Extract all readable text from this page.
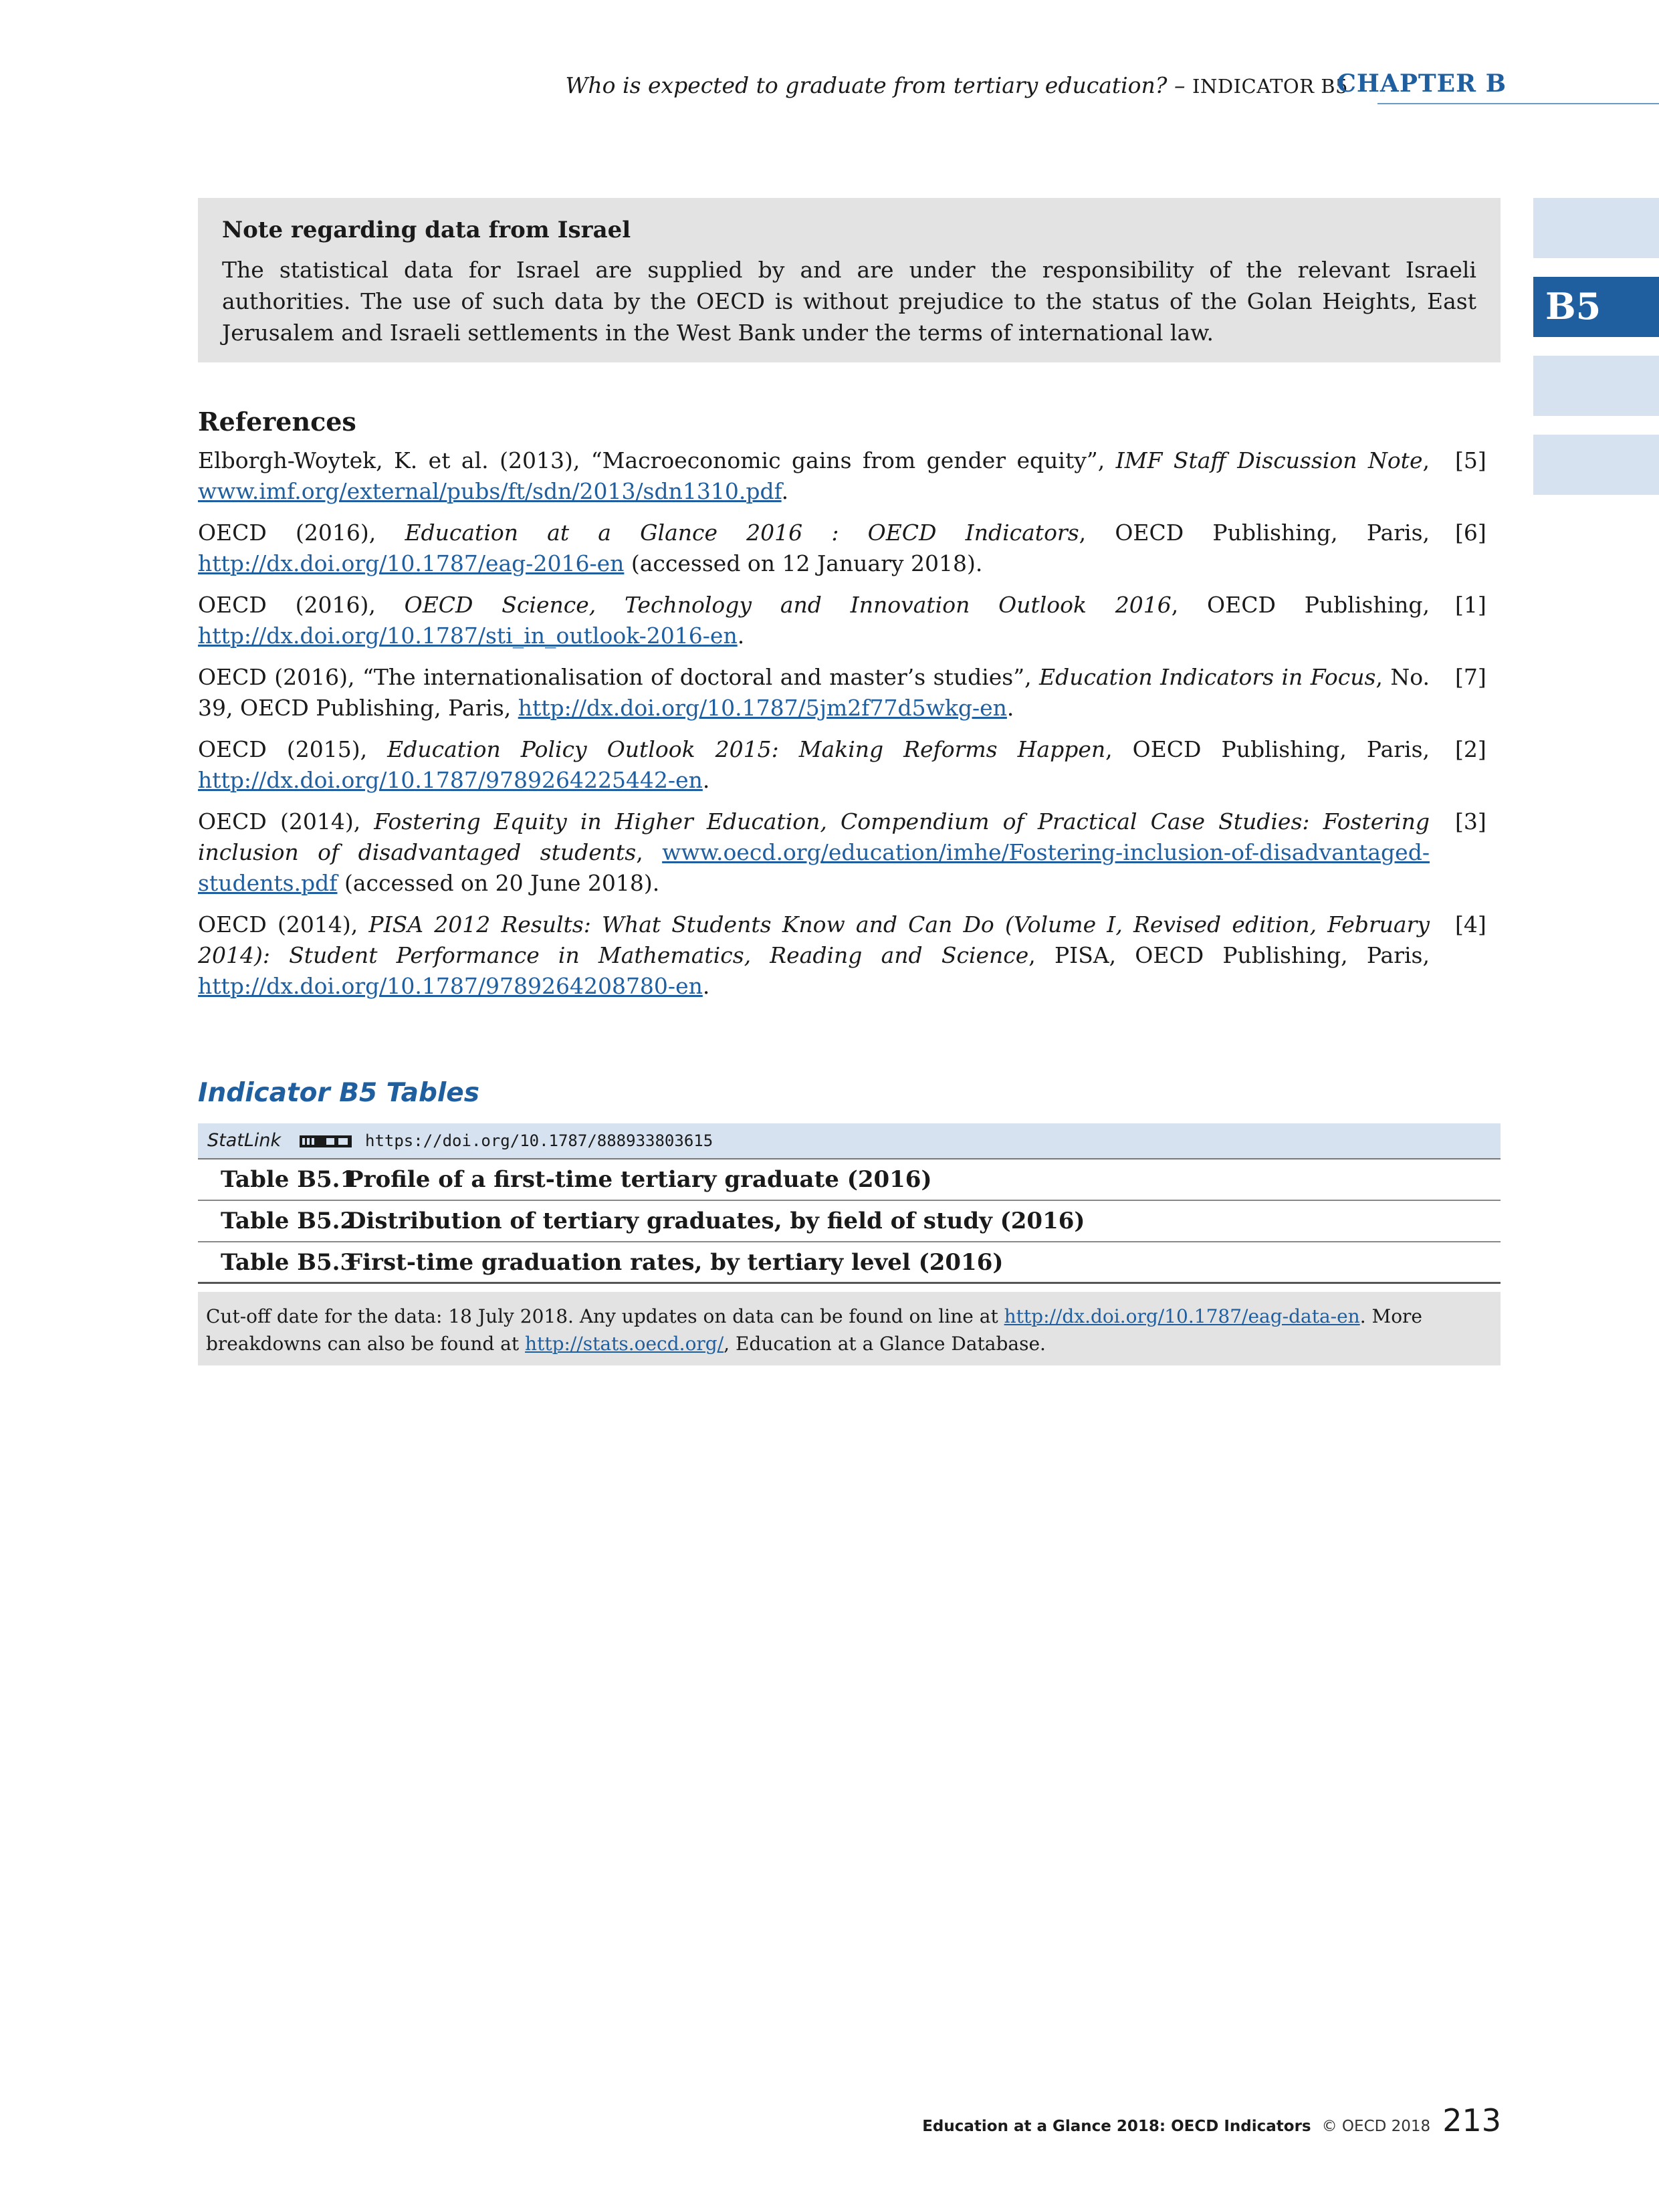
Who is expected to graduate from tertiary education? – INDICATOR B5
CHAPTER B
B5
Note regarding data from Israel

The statistical data for Israel are supplied by and are under the responsibility of the relevant Israeli authorities. The use of such data by the OECD is without prejudice to the status of the Golan Heights, East Jerusalem and Israeli settlements in the West Bank under the terms of international law.

References
Elborgh-Woytek, K. et al. (2013), “Macroeconomic gains from gender equity”, IMF Staff Discussion Note, www.imf.org/external/pubs/ft/sdn/2013/sdn1310.pdf.
[5]
OECD (2016), Education at a Glance 2016 : OECD Indicators, OECD Publishing, Paris, http://dx.doi.org/10.1787/eag-2016-en (accessed on 12 January 2018).
[6]
OECD (2016), OECD Science, Technology and Innovation Outlook 2016, OECD Publishing, http://dx.doi.org/10.1787/sti_in_outlook-2016-en.
[1]
OECD (2016), “The internationalisation of doctoral and master’s studies”, Education Indicators in Focus, No. 39, OECD Publishing, Paris, http://dx.doi.org/10.1787/5jm2f77d5wkg-en.
[7]
OECD (2015), Education Policy Outlook 2015: Making Reforms Happen, OECD Publishing, Paris, http://dx.doi.org/10.1787/9789264225442-en.
[2]
OECD (2014), Fostering Equity in Higher Education, Compendium of Practical Case Studies: Fostering inclusion of disadvantaged students, www.oecd.org/education/imhe/Fostering-inclusion-of-disadvantaged-students.pdf (accessed on 20 June 2018).
[3]
OECD (2014), PISA 2012 Results: What Students Know and Can Do (Volume I, Revised edition, February 2014): Student Performance in Mathematics, Reading and Science, PISA, OECD Publishing, Paris, http://dx.doi.org/10.1787/9789264208780-en.
[4]
Indicator B5 Tables
StatLink	https://doi.org/10.1787/888933803615
Table B5.1
Profile of a first-time tertiary graduate (2016)
Table B5.2
Distribution of tertiary graduates, by field of study (2016)
Table B5.3
First-time graduation rates, by tertiary level (2016)
Cut-off date for the data: 18 July 2018. Any updates on data can be found on line at http://dx.doi.org/10.1787/eag-data-en. More breakdowns can also be found at http://stats.oecd.org/, Education at a Glance Database.
Education at a Glance 2018: OECD Indicators © OECD 2018 213
